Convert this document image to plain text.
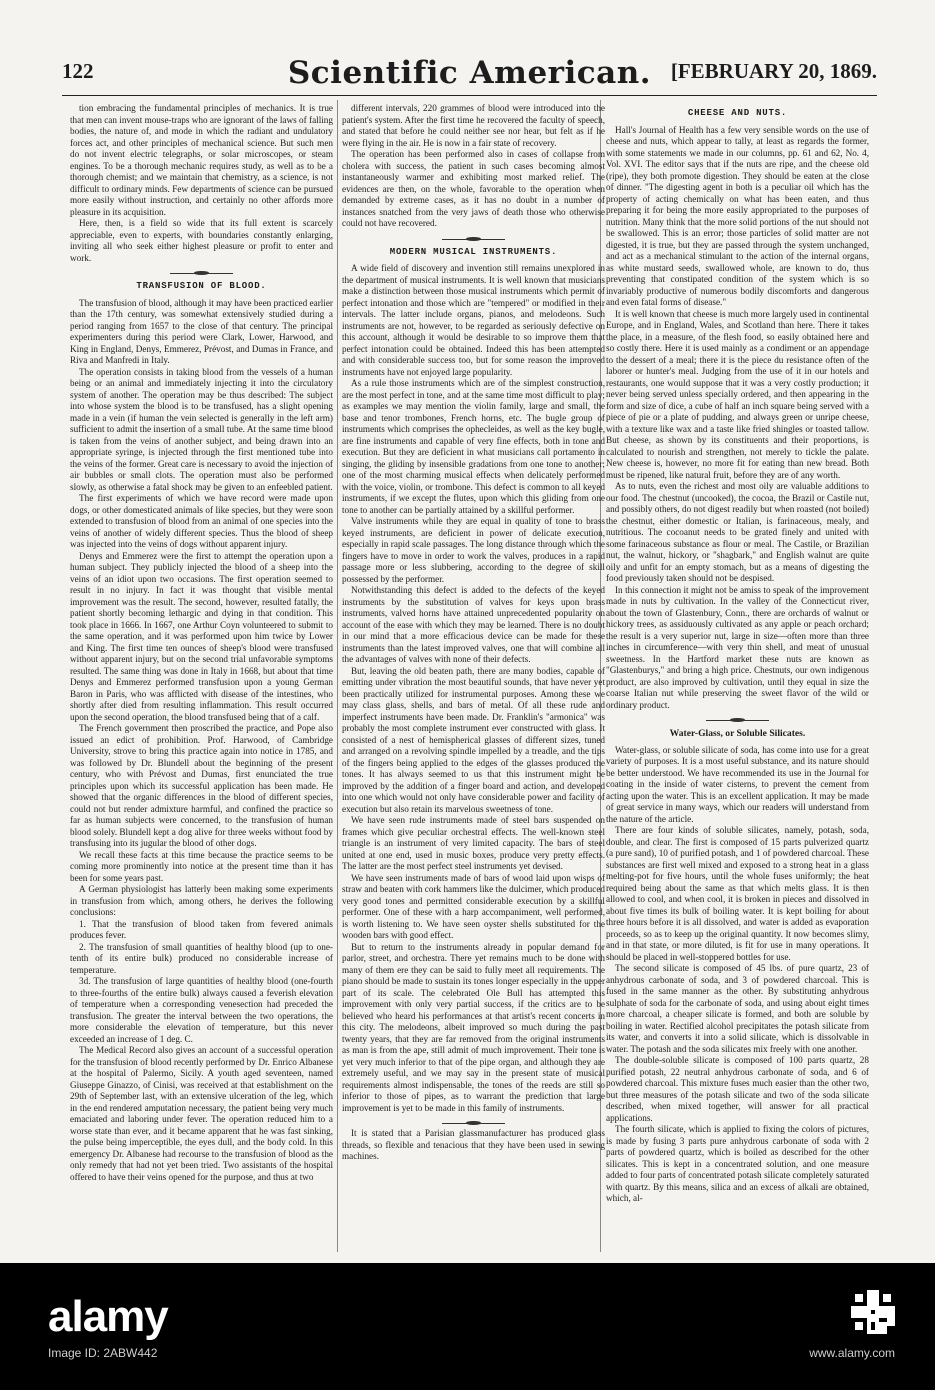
122	Scientific American. [FEBRUARY 20, 1869.

tion embracing the fundamental principles of mechanics. It is true that men can invent mouse-traps who are ignorant of the laws of falling bodies, the nature of, and mode in which the radiant and undulatory forces act, and other principles of mechanical science. But such men do not invent electric telegraphs, or solar microscopes, or steam engines. To be a thorough mechanic requires study, as well as to be a thorough chemist; and we maintain that chemistry, as a science, is not difficult to ordinary minds. Few departments of science can be pursued more easily without instruction, and certainly no other affords more pleasure in its acquisition.

Here, then, is a field so wide that its full extent is scarcely appreciable, even to experts, with boundaries constantly enlarging, inviting all who seek either highest pleasure or profit to enter and work.

TRANSFUSION OF BLOOD.

The transfusion of blood, although it may have been practiced earlier than the 17th century, was somewhat extensively studied during a period ranging from 1657 to the close of that century. The principal experimenters during this period were Clark, Lower, Harwood, and King in England, Denys, Emmerez, Prévost, and Dumas in France, and Riva and Manfredi in Italy.

The operation consists in taking blood from the vessels of a human being or an animal and immediately injecting it into the circulatory system of another. The operation may be thus described: The subject into whose system the blood is to be transfused, has a slight opening made in a vein (if human the vein selected is generally in the left arm) sufficient to admit the insertion of a small tube. At the same time blood is taken from the veins of another subject, and being drawn into an appropriate syringe, is injected through the first mentioned tube into the veins of the former. Great care is necessary to avoid the injection of air bubbles or small clots. The operation must also be performed slowly, as otherwise a fatal shock may be given to an enfeebled patient.

The first experiments of which we have record were made upon dogs, or other domesticated animals of like species, but they were soon extended to transfusion of blood from an animal of one species into the veins of another of widely different species. Thus the blood of sheep was injected into the veins of dogs without apparent injury.

Denys and Emmerez were the first to attempt the operation upon a human subject. They publicly injected the blood of a sheep into the veins of an idiot upon two occasions. The first operation seemed to result in no injury. In fact it was thought that visible mental improvement was the result. The second, however, resulted fatally, the patient shortly becoming lethargic and dying in that condition. This took place in 1666. In 1667, one Arthur Coyn volunteered to submit to the same operation, and it was performed upon him twice by Lower and King. The first time ten ounces of sheep's blood were transfused without apparent injury, but on the second trial unfavorable symptoms resulted. The same thing was done in Italy in 1668, but about that time Denys and Emmerez performed transfusion upon a young German Baron in Paris, who was afflicted with disease of the intestines, who shortly after died from resulting inflammation. This result occurred upon the second operation, the blood transfused being that of a calf.

The French government then proscribed the practice, and Pope also issued an edict of prohibition. Prof. Harwood, of Cambridge University, strove to bring this practice again into notice in 1785, and was followed by Dr. Blundell about the beginning of the present century, who with Prévost and Dumas, first enunciated the true principles upon which its successful application has been made. He showed that the organic differences in the blood of different species, could not but render admixture harmful, and confined the practice so far as human subjects were concerned, to the transfusion of human blood solely. Blundell kept a dog alive for three weeks without food by transfusing into its jugular the blood of other dogs.

We recall these facts at this time because the practice seems to be coming more prominently into notice at the present time than it has been for some years past.

A German physiologist has latterly been making some experiments in transfusion from which, among others, he derives the following conclusions:

1. That the transfusion of blood taken from fevered animals produces fever.

2. The transfusion of small quantities of healthy blood (up to one-tenth of its entire bulk) produced no considerable increase of temperature.

3d. The transfusion of large quantities of healthy blood (one-fourth to three-fourths of the entire bulk) always caused a feverish elevation of temperature when a corresponding venesection had preceded the transfusion. The greater the interval between the two operations, the more considerable the elevation of temperature, but this never exceeded an increase of 1 deg. C.

The Medical Record also gives an account of a successful operation for the transfusion of blood recently performed by Dr. Enrico Albanese at the hospital of Palermo, Sicily. A youth aged seventeen, named Giuseppe Ginazzo, of Cinisi, was received at that establishment on the 29th of September last, with an extensive ulceration of the leg, which in the end rendered amputation necessary, the patient being very much emaciated and laboring under fever. The operation reduced him to a worse state than ever, and it became apparent that he was fast sinking, the pulse being imperceptible, the eyes dull, and the body cold. In this emergency Dr. Albanese had recourse to the transfusion of blood as the only remedy that had not yet been tried. Two assistants of the hospital offered to have their veins opened for the purpose, and thus at two

different intervals, 220 grammes of blood were introduced into the patient's system. After the first time he recovered the faculty of speech, and stated that before he could neither see nor hear, but felt as if he were flying in the air. He is now in a fair state of recovery.

The operation has been performed also in cases of collapse from cholera with success, the patient in such cases becoming almost instantaneously warmer and exhibiting most marked relief. The evidences are then, on the whole, favorable to the operation when demanded by extreme cases, as it has no doubt in a number of instances snatched from the very jaws of death those who otherwise could not have recovered.

MODERN MUSICAL INSTRUMENTS.

A wide field of discovery and invention still remains unexplored in the department of musical instruments. It is well known that musicians make a distinction between those musical instruments which permit of perfect intonation and those which are "tempered" or modified in their intervals. The latter include organs, pianos, and melodeons. Such instruments are not, however, to be regarded as seriously defective on this account, although it would be desirable to so improve them that perfect intonation could be obtained. Indeed this has been attempted and with considerable success too, but for some reason the improved instruments have not enjoyed large popularity.

As a rule those instruments which are of the simplest construction, are the most perfect in tone, and at the same time most difficult to play; as examples we may mention the violin family, large and small, the base and tenor trombones, French horns, etc. The bugle group of instruments which comprises the ophecleides, as well as the key bugle, are fine instruments and capable of very fine effects, both in tone and execution. But they are deficient in what musicians call portamento in singing, the gliding by insensible gradations from one tone to another; one of the most charming musical effects when delicately performed with the voice, violin, or trombone. This defect is common to all keyed instruments, if we except the flutes, upon which this gliding from one tone to another can be partially attained by a skillful performer.

Valve instruments while they are equal in quality of tone to brass keyed instruments, are deficient in power of delicate execution, especially in rapid scale passages. The long distance through which the fingers have to move in order to work the valves, produces in a rapid passage more or less slubbering, according to the degree of skill possessed by the performer.

Notwithstanding this defect is added to the defects of the keyed instruments by the substitution of valves for keys upon brass instruments, valved horns have attained unprecedented popularity on account of the ease with which they may be learned. There is no doubt in our mind that a more efficacious device can be made for these instruments than the latest improved valves, one that will combine all the advantages of valves with none of their defects.

But, leaving the old beaten path, there are many bodies, capable of emitting under vibration the most beautiful sounds, that have never yet been practically utilized for instrumental purposes. Among these we may class glass, shells, and bars of metal. Of all these rude and imperfect instruments have been made. Dr. Franklin's "armonica" was probably the most complete instrument ever constructed with glass. It consisted of a nest of hemispherical glasses of different sizes, tuned and arranged on a revolving spindle impelled by a treadle, and the tips of the fingers being applied to the edges of the glasses produced the tones. It has always seemed to us that this instrument might be improved by the addition of a finger board and action, and developed into one which would not only have considerable power and facility of execution but also retain its marvelous sweetness of tone.

We have seen rude instruments made of steel bars suspended on frames which give peculiar orchestral effects. The well-known steel triangle is an instrument of very limited capacity. The bars of steel united at one end, used in music boxes, produce very pretty effects. The latter are the most perfect steel instruments yet devised.

We have seen instruments made of bars of wood laid upon wisps of straw and beaten with cork hammers like the dulcimer, which produced very good tones and permitted considerable execution by a skillful performer. One of these with a harp accompaniment, well performed, is worth listening to. We have seen oyster shells substituted for the wooden bars with good effect.

But to return to the instruments already in popular demand for parlor, street, and orchestra. There yet remains much to be done with many of them ere they can be said to fully meet all requirements. The piano should be made to sustain its tones longer especially in the upper part of its scale. The celebrated Ole Bull has attempted this improvement with only very partial success, if the critics are to be believed who heard his performances at that artist's recent concerts in this city. The melodeons, albeit improved so much during the past twenty years, that they are far removed from the original instruments as man is from the ape, still admit of much improvement. Their tone is yet very much inferior to that of the pipe organ, and although they are extremely useful, and we may say in the present state of musical requirements almost indispensable, the tones of the reeds are still so inferior to those of pipes, as to warrant the prediction that large improvement is yet to be made in this family of instruments.

It is stated that a Parisian glassmanufacturer has produced glass threads, so flexible and tenacious that they have been used in sewing machines.

CHEESE AND NUTS.

Hall's Journal of Health has a few very sensible words on the use of cheese and nuts, which appear to tally, at least as regards the former, with some statements we made in our columns, pp. 61 and 62, No. 4, Vol. XVI. The editor says that if the nuts are ripe, and the cheese old (ripe), they both promote digestion. They should be eaten at the close of dinner. "The digesting agent in both is a peculiar oil which has the property of acting chemically on what has been eaten, and thus preparing it for being the more easily appropriated to the purposes of nutrition. Many think that the more solid portions of the nut should not be swallowed. This is an error; those particles of solid matter are not digested, it is true, but they are passed through the system unchanged, and act as a mechanical stimulant to the action of the internal organs, as white mustard seeds, swallowed whole, are known to do, thus preventing that constipated condition of the system which is so invariably productive of numerous bodily discomforts and dangerous and even fatal forms of disease."

It is well known that cheese is much more largely used in continental Europe, and in England, Wales, and Scotland than here. There it takes the place, in a measure, of the flesh food, so easily obtained here and so costly there. Here it is used mainly as a condiment or an appendage to the dessert of a meal; there it is the piece du resistance often of the laborer or hunter's meal. Judging from the use of it in our hotels and restaurants, one would suppose that it was a very costly production; it never being served unless specially ordered, and then appearing in the form and size of dice, a cube of half an inch square being served with a piece of pie or a plate of pudding, and always green or unripe cheese, with a texture like wax and a taste like fried shingles or toasted tallow. But cheese, as shown by its constituents and their proportions, is calculated to nourish and strengthen, not merely to tickle the palate. New cheese is, however, no more fit for eating than new bread. Both must be ripened, like natural fruit, before they are of any worth.

As to nuts, even the richest and most oily are valuable additions to our food. The chestnut (uncooked), the cocoa, the Brazil or Castile nut, and possibly others, do not digest readily but when roasted (not boiled) the chestnut, either domestic or Italian, is farinaceous, mealy, and nutritious. The cocoanut needs to be grated finely and united with some farinaceous substance as flour or meal. The Castile, or Brazilian nut, the walnut, hickory, or "shagbark," and English walnut are quite oily and unfit for an empty stomach, but as a means of digesting the food previously taken should not be despised.

In this connection it might not be amiss to speak of the improvement made in nuts by cultivation. In the valley of the Connecticut river, about the town of Glastenbury, Conn., there are orchards of walnut or hickory trees, as assiduously cultivated as any apple or peach orchard; the result is a very superior nut, large in size—often more than three inches in circumference—with very thin shell, and meat of unusual sweetness. In the Hartford market these nuts are known as "Glastenburys," and bring a high price. Chestnuts, our own indigenous product, are also improved by cultivation, until they equal in size the coarse Italian nut while preserving the sweet flavor of the wild or ordinary product.

Water-Glass, or Soluble Silicates.

Water-glass, or soluble silicate of soda, has come into use for a great variety of purposes. It is a most useful substance, and its nature should be better understood. We have recommended its use in the Journal for coating in the inside of water cisterns, to prevent the cement from acting upon the water. This is an excellent application. It may be made of great service in many ways, which our readers will understand from the nature of the article.

There are four kinds of soluble silicates, namely, potash, soda, double, and clear. The first is composed of 15 parts pulverized quartz (a pure sand), 10 of purified potash, and 1 of powdered charcoal. These substances are first well mixed and exposed to a strong heat in a glass melting-pot for five hours, until the whole fuses uniformly; the heat required being about the same as that which melts glass. It is then allowed to cool, and when cool, it is broken in pieces and dissolved in about five times its bulk of boiling water. It is kept boiling for about three hours before it is all dissolved, and water is added as evaporation proceeds, so as to keep up the original quantity. It now becomes slimy, and in that state, or more diluted, is fit for use in many operations. It should be placed in well-stoppered bottles for use.

The second silicate is composed of 45 lbs. of pure quartz, 23 of anhydrous carbonate of soda, and 3 of powdered charcoal. This is fused in the same manner as the other. By substituting anhydrous sulphate of soda for the carbonate of soda, and using about eight times more charcoal, a cheaper silicate is formed, and both are soluble by boiling in water. Rectified alcohol precipitates the potash silicate from its water, and converts it into a solid silicate, which is dissolvable in water. The potash and the soda silicates mix freely with one another.

The double-soluble silicate is composed of 100 parts quartz, 28 purified potash, 22 neutral anhydrous carbonate of soda, and 6 of powdered charcoal. This mixture fuses much easier than the other two, but three measures of the potash silicate and two of the soda silicate described, when mixed together, will answer for all practical applications.

The fourth silicate, which is applied to fixing the colors of pictures, is made by fusing 3 parts pure anhydrous carbonate of soda with 2 parts of powdered quartz, which is boiled as described for the other silicates. This is kept in a concentrated solution, and one measure added to four parts of concentrated potash silicate completely saturated with quartz. By this means, silica and an excess of alkali are obtained, which, al-

alamy
Image ID: 2ABW442	www.alamy.com
